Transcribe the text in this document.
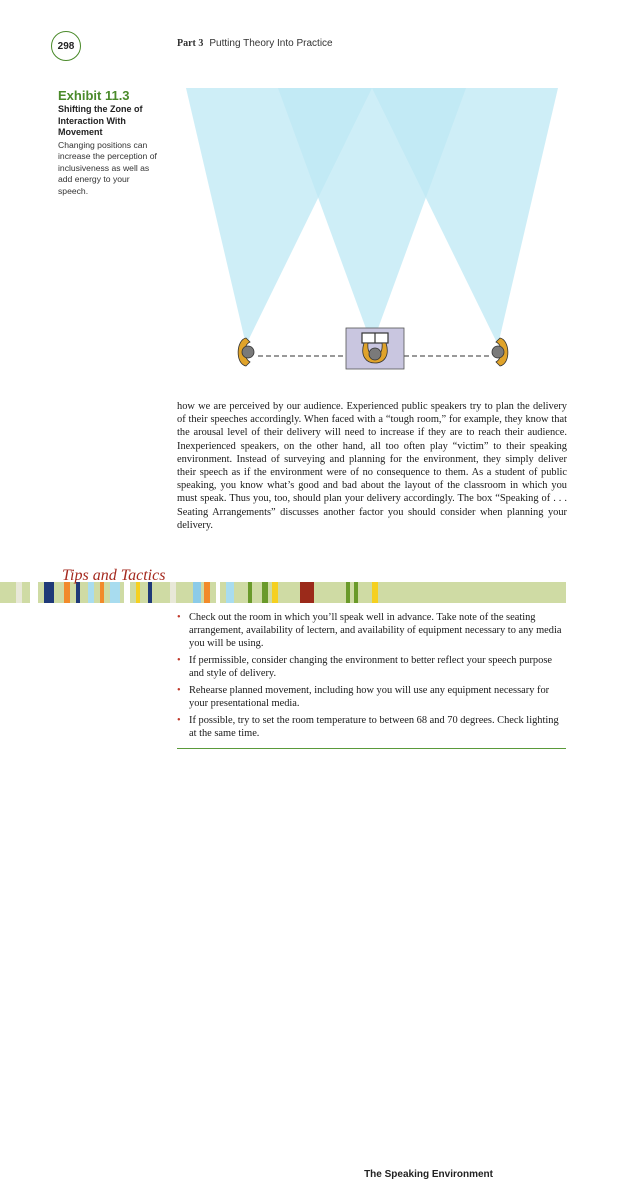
298	Part 3 Putting Theory Into Practice
Exhibit 11.3
Shifting the Zone of Interaction With Movement
Changing positions can increase the perception of inclusiveness as well as add energy to your speech.
how we are perceived by our audience. Experienced public speakers try to plan the delivery of their speeches accordingly. When faced with a “tough room,” for example, they know that the arousal level of their delivery will need to increase if they are to reach their audience. Inexperienced speakers, on the other hand, all too often play “victim” to their speaking environment. Instead of surveying and planning for the environment, they simply deliver their speech as if the environment were of no consequence to them. As a student of public speaking, you know what’s good and bad about the layout of the classroom in which you must speak. Thus you, too, should plan your delivery accordingly. The box “Speaking of . . . Seating Arrangements” discusses another factor you should consider when planning your delivery.
The Speaking Environment
Tips and Tactics
• Check out the room in which you’ll speak well in advance. Take note of the seating arrangement, availability of lectern, and availability of equipment necessary to any media you will be using.
• If permissible, consider changing the environment to better reflect your speech purpose and style of delivery.
• Rehearse planned movement, including how you will use any equipment necessary for your presentational media.
• If possible, try to set the room temperature to between 68 and 70 degrees. Check lighting at the same time.
